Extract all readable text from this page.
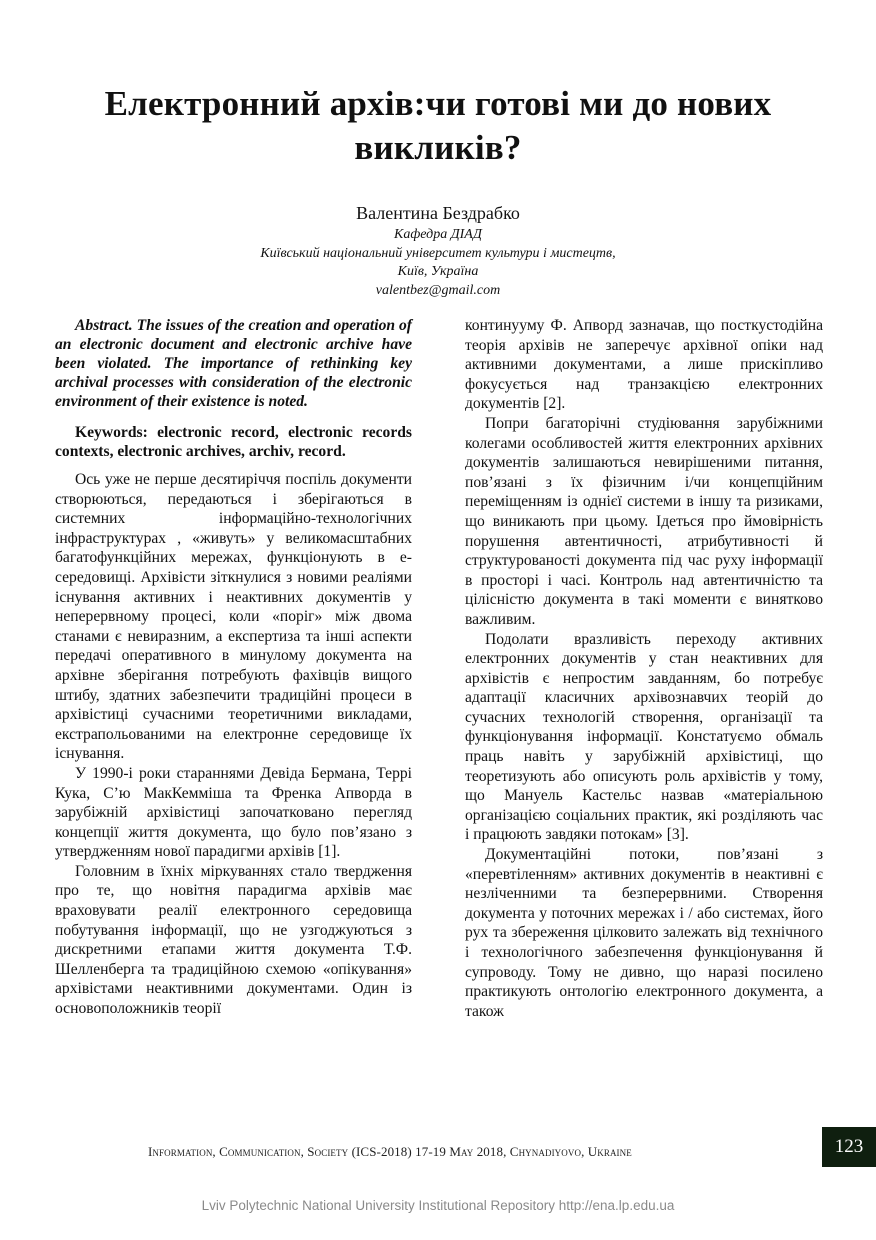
Електронний архів:чи готові ми до нових викликів?
Валентина Бездрабко
Кафедра ДІАД
Київський національний університет культури і мистецтв,
Київ, Україна
valentbez@gmail.com

Abstract. The issues of the creation and operation of an electronic document and electronic archive have been violated. The importance of rethinking key archival processes with consideration of the electronic environment of their existence is noted.

Keywords: electronic record, electronic records contexts, electronic archives, archiv, record.

Ось уже не перше десятиріччя поспіль документи створюються, передаються і зберігаються в системних інформаційно-технологічних інфраструктурах , «живуть» у великомасштабних багатофункційних мережах, функціонують в е-середовищі. Архівісти зіткнулися з новими реаліями існування активних і неактивних документів у неперервному процесі, коли «поріг» між двома станами є невиразним, а експертиза та інші аспекти передачі оперативного в минулому документа на архівне зберігання потребують фахівців вищого штибу, здатних забезпечити традиційні процеси в архівістиці сучасними теоретичними викладами, екстрапольованими на електронне середовище їх існування.

У 1990-і роки стараннями Девіда Бермана, Террі Кука, С’ю МакКемміша та Френка Апворда в зарубіжній архівістиці започатковано перегляд концепції життя документа, що було пов’язано з утвердженням нової парадигми архівів [1].

Головним в їхніх міркуваннях стало твердження про те, що новітня парадигма архівів має враховувати реалії електронного середовища побутування інформації, що не узгоджуються з дискретними етапами життя документа Т.Ф. Шелленберга та традиційною схемою «опікування» архівістами неактивними документами. Один із основоположників теорії

континууму Ф. Апворд зазначав, що посткустодійна теорія архівів не заперечує архівної опіки над активними документами, а лише прискіпливо фокусується над транзакцією електронних документів [2].

Попри багаторічні студіювання зарубіжними колегами особливостей життя електронних архівних документів залишаються невирішеними питання, пов’язані з їх фізичним і/чи концепційним переміщенням із однієї системи в іншу та ризиками, що виникають при цьому. Ідеться про ймовірність порушення автентичності, атрибутивності й структурованості документа під час руху інформації в просторі і часі. Контроль над автентичністю та цілісністю документа в такі моменти є винятково важливим.

Подолати вразливість переходу активних електронних документів у стан неактивних для архівістів є непростим завданням, бо потребує адаптації класичних архівознавчих теорій до сучасних технологій створення, організації та функціонування інформації. Констатуємо обмаль праць навіть у зарубіжній архівістиці, що теоретизують або описують роль архівістів у тому, що Мануель Кастельс назвав «матеріальною організацією соціальних практик, які розділяють час і працюють завдяки потокам» [3].

Документаційні потоки, пов’язані з «перевтіленням» активних документів в неактивні є незліченними та безперервними. Створення документа у поточних мережах і / або системах, його рух та збереження цілковито залежать від технічного і технологічного забезпечення функціонування й супроводу. Тому не дивно, що наразі посилено практикують онтологію електронного документа, а також

Information, Communication, Society (ICS-2018) 17-19 May 2018, Chynadiyovo, Ukraine	123
Lviv Polytechnic National University Institutional Repository http://ena.lp.edu.ua
